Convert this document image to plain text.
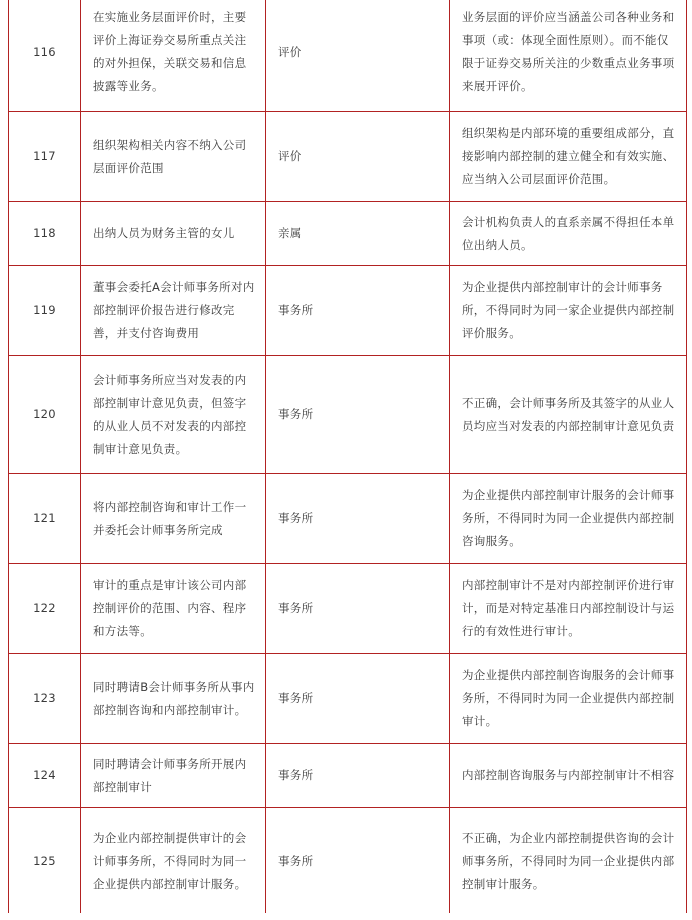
116	在实施业务层面评价时，主要评价上海证券交易所重点关注的对外担保，关联交易和信息披露等业务。	评价	业务层面的评价应当涵盖公司各种业务和事项（或：体现全面性原则）。而不能仅限于证券交易所关注的少数重点业务事项来展开评价。
117	组织架构相关内容不纳入公司层面评价范围	评价	组织架构是内部环境的重要组成部分，直接影响内部控制的建立健全和有效实施、应当纳入公司层面评价范围。
118	出纳人员为财务主管的女儿	亲属	会计机构负责人的直系亲属不得担任本单位出纳人员。
119	董事会委托A会计师事务所对内部控制评价报告进行修改完善，并支付咨询费用	事务所	为企业提供内部控制审计的会计师事务所，不得同时为同一家企业提供内部控制评价服务。
120	会计师事务所应当对发表的内部控制审计意见负责，但签字的从业人员不对发表的内部控制审计意见负责。	事务所	不正确，会计师事务所及其签字的从业人员均应当对发表的内部控制审计意见负责
121	将内部控制咨询和审计工作一并委托会计师事务所完成	事务所	为企业提供内部控制审计服务的会计师事务所，不得同时为同一企业提供内部控制咨询服务。
122	审计的重点是审计该公司内部控制评价的范围、内容、程序和方法等。	事务所	内部控制审计不是对内部控制评价进行审计，而是对特定基准日内部控制设计与运行的有效性进行审计。
123	同时聘请B会计师事务所从事内部控制咨询和内部控制审计。	事务所	为企业提供内部控制咨询服务的会计师事务所，不得同时为同一企业提供内部控制审计。
124	同时聘请会计师事务所开展内部控制审计	事务所	内部控制咨询服务与内部控制审计不相容
125	为企业内部控制提供审计的会计师事务所，不得同时为同一企业提供内部控制审计服务。	事务所	不正确，为企业内部控制提供咨询的会计师事务所，不得同时为同一企业提供内部控制审计服务。
